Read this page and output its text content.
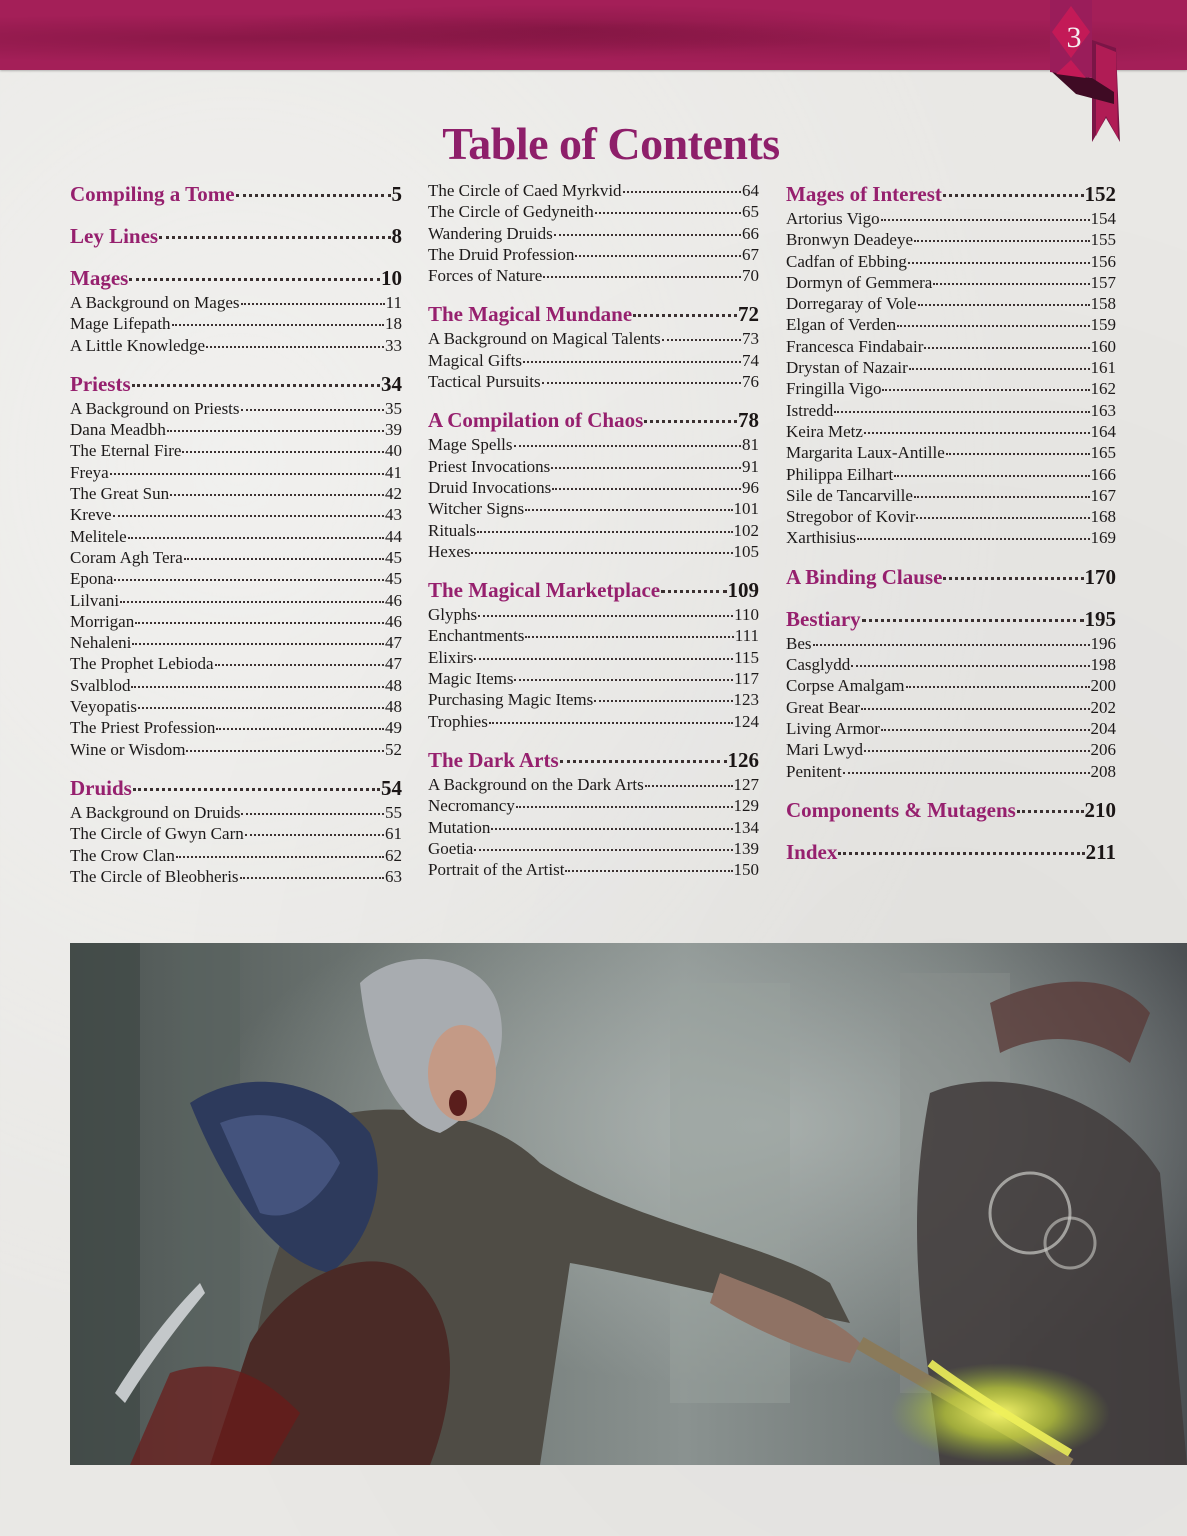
3
Table of Contents
Compiling a Tome	5
Ley Lines	8
Mages	10
A Background on Mages	11
Mage Lifepath	18
A Little Knowledge	33
Priests	34
A Background on Priests	35
Dana Meadbh	39
The Eternal Fire	40
Freya	41
The Great Sun	42
Kreve	43
Melitele	44
Coram Agh Tera	45
Epona	45
Lilvani	46
Morrigan	46
Nehaleni	47
The Prophet Lebioda	47
Svalblod	48
Veyopatis	48
The Priest Profession	49
Wine or Wisdom	52
Druids	54
A Background on Druids	55
The Circle of Gwyn Carn	61
The Crow Clan	62
The Circle of Bleobheris	63
The Circle of Caed Myrkvid	64
The Circle of Gedyneith	65
Wandering Druids	66
The Druid Profession	67
Forces of Nature	70
The Magical Mundane	72
A Background on Magical Talents	73
Magical Gifts	74
Tactical Pursuits	76
A Compilation of Chaos	78
Mage Spells	81
Priest Invocations	91
Druid Invocations	96
Witcher Signs	101
Rituals	102
Hexes	105
The Magical Marketplace	109
Glyphs	110
Enchantments	111
Elixirs	115
Magic Items	117
Purchasing Magic Items	123
Trophies	124
The Dark Arts	126
A Background on the Dark Arts	127
Necromancy	129
Mutation	134
Goetia	139
Portrait of the Artist	150
Mages of Interest	152
Artorius Vigo	154
Bronwyn Deadeye	155
Cadfan of Ebbing	156
Dormyn of Gemmera	157
Dorregaray of Vole	158
Elgan of Verden	159
Francesca Findabair	160
Drystan of Nazair	161
Fringilla Vigo	162
Istredd	163
Keira Metz	164
Margarita Laux-Antille	165
Philippa Eilhart	166
Sile de Tancarville	167
Stregobor of Kovir	168
Xarthisius	169
A Binding Clause	170
Bestiary	195
Bes	196
Casglydd	198
Corpse Amalgam	200
Great Bear	202
Living Armor	204
Mari Lwyd	206
Penitent	208
Components & Mutagens	210
Index	211
